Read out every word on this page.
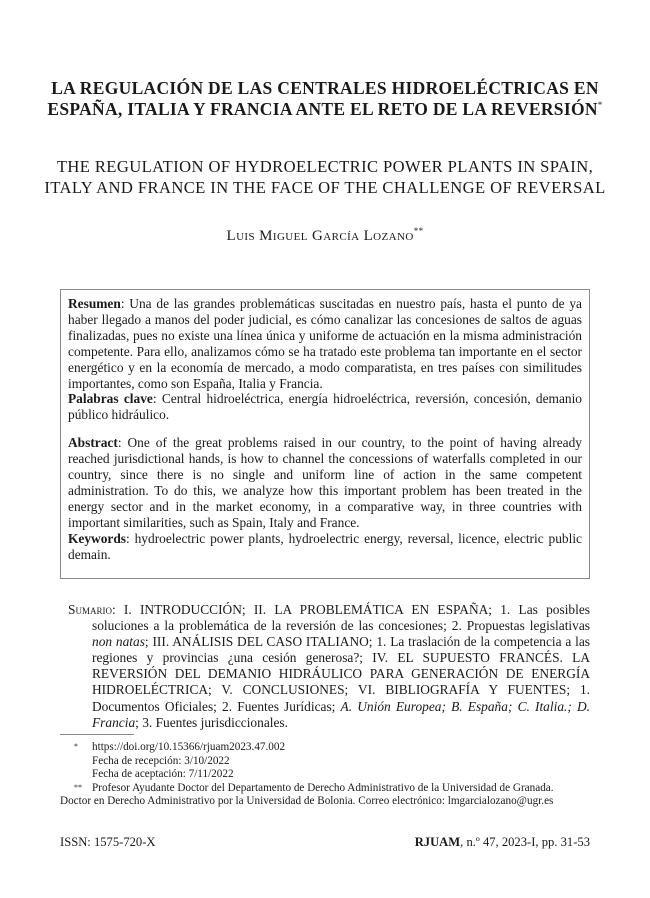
LA REGULACIÓN DE LAS CENTRALES HIDROELÉCTRICAS EN ESPAÑA, ITALIA Y FRANCIA ANTE EL RETO DE LA REVERSIÓN*
THE REGULATION OF HYDROELECTRIC POWER PLANTS IN SPAIN, ITALY AND FRANCE IN THE FACE OF THE CHALLENGE OF REVERSAL
Luis Miguel García Lozano**

Resumen: Una de las grandes problemáticas suscitadas en nuestro país, hasta el punto de ya haber llegado a manos del poder judicial, es cómo canalizar las concesiones de saltos de aguas finalizadas, pues no existe una línea única y uniforme de actuación en la misma administración competente. Para ello, analizamos cómo se ha tratado este problema tan importante en el sector energético y en la economía de mercado, a modo comparatista, en tres países con similitudes importantes, como son España, Italia y Francia.

Palabras clave: Central hidroeléctrica, energía hidroeléctrica, reversión, concesión, demanio público hidráulico.

Abstract: One of the great problems raised in our country, to the point of having already reached jurisdictional hands, is how to channel the concessions of waterfalls completed in our country, since there is no single and uniform line of action in the same competent administration. To do this, we analyze how this important problem has been treated in the energy sector and in the market economy, in a comparative way, in three countries with important similarities, such as Spain, Italy and France.

Keywords: hydroelectric power plants, hydroelectric energy, reversal, licence, electric public demain.

Sumario: I. INTRODUCCIÓN; II. LA PROBLEMÁTICA EN ESPAÑA; 1. Las posibles soluciones a la problemática de la reversión de las concesiones; 2. Propuestas legislativas non natas; III. ANÁLISIS DEL CASO ITALIANO; 1. La traslación de la competencia a las regiones y provincias ¿una cesión generosa?; IV. EL SUPUESTO FRANCÉS. LA REVERSIÓN DEL DEMANIO HIDRÁULICO PARA GENERACIÓN DE ENERGÍA HIDROELÉCTRICA; V. CONCLUSIONES; VI. BIBLIOGRAFÍA Y FUENTES; 1. Documentos Oficiales; 2. Fuentes Jurídicas; A. Unión Europea; B. España; C. Italia.; D. Francia; 3. Fuentes jurisdiccionales.

* https://doi.org/10.15366/rjuam2023.47.002
Fecha de recepción: 3/10/2022
Fecha de aceptación: 7/11/2022
** Profesor Ayudante Doctor del Departamento de Derecho Administrativo de la Universidad de Granada.
Doctor en Derecho Administrativo por la Universidad de Bolonia. Correo electrónico: lmgarcialozano@ugr.es
ISSN: 1575-720-X	RJUAM, n.º 47, 2023-I, pp. 31-53
